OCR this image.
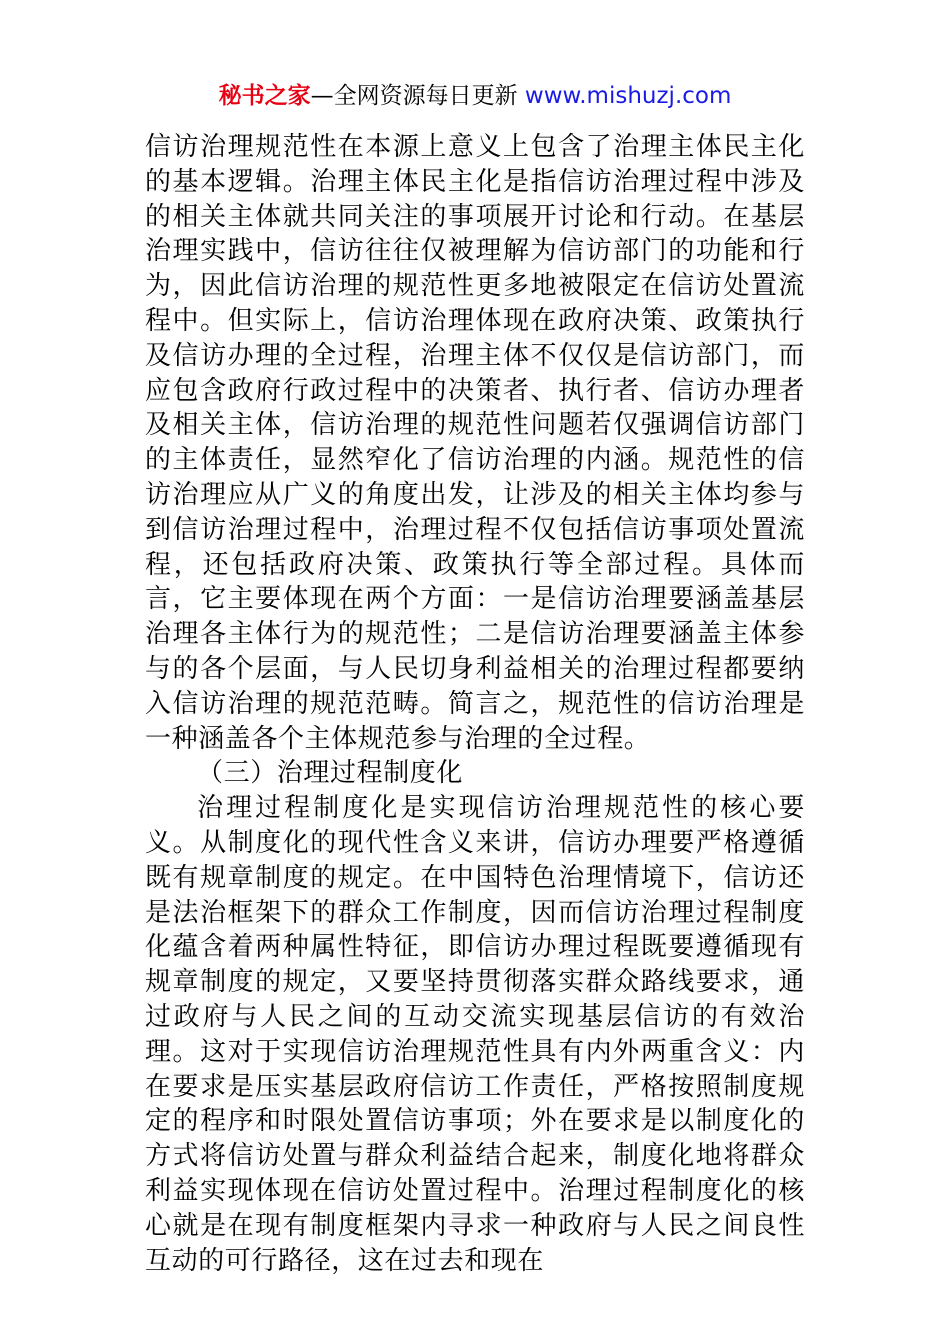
秘书之家—全网资源每日更新 www.mishuzj.com

信访治理规范性在本源上意义上包含了治理主体民主化的基本逻辑。治理主体民主化是指信访治理过程中涉及的相关主体就共同关注的事项展开讨论和行动。在基层治理实践中，信访往往仅被理解为信访部门的功能和行为，因此信访治理的规范性更多地被限定在信访处置流程中。但实际上，信访治理体现在政府决策、政策执行及信访办理的全过程，治理主体不仅仅是信访部门，而应包含政府行政过程中的决策者、执行者、信访办理者及相关主体，信访治理的规范性问题若仅强调信访部门的主体责任，显然窄化了信访治理的内涵。规范性的信访治理应从广义的角度出发，让涉及的相关主体均参与到信访治理过程中，治理过程不仅包括信访事项处置流程，还包括政府决策、政策执行等全部过程。具体而言，它主要体现在两个方面：一是信访治理要涵盖基层治理各主体行为的规范性；二是信访治理要涵盖主体参与的各个层面，与人民切身利益相关的治理过程都要纳入信访治理的规范范畴。简言之，规范性的信访治理是一种涵盖各个主体规范参与治理的全过程。

（三）治理过程制度化

治理过程制度化是实现信访治理规范性的核心要义。从制度化的现代性含义来讲，信访办理要严格遵循既有规章制度的规定。在中国特色治理情境下，信访还是法治框架下的群众工作制度，因而信访治理过程制度化蕴含着两种属性特征，即信访办理过程既要遵循现有规章制度的规定，又要坚持贯彻落实群众路线要求，通过政府与人民之间的互动交流实现基层信访的有效治理。这对于实现信访治理规范性具有内外两重含义：内在要求是压实基层政府信访工作责任，严格按照制度规定的程序和时限处置信访事项；外在要求是以制度化的方式将信访处置与群众利益结合起来，制度化地将群众利益实现体现在信访处置过程中。治理过程制度化的核心就是在现有制度框架内寻求一种政府与人民之间良性互动的可行路径，这在过去和现在
